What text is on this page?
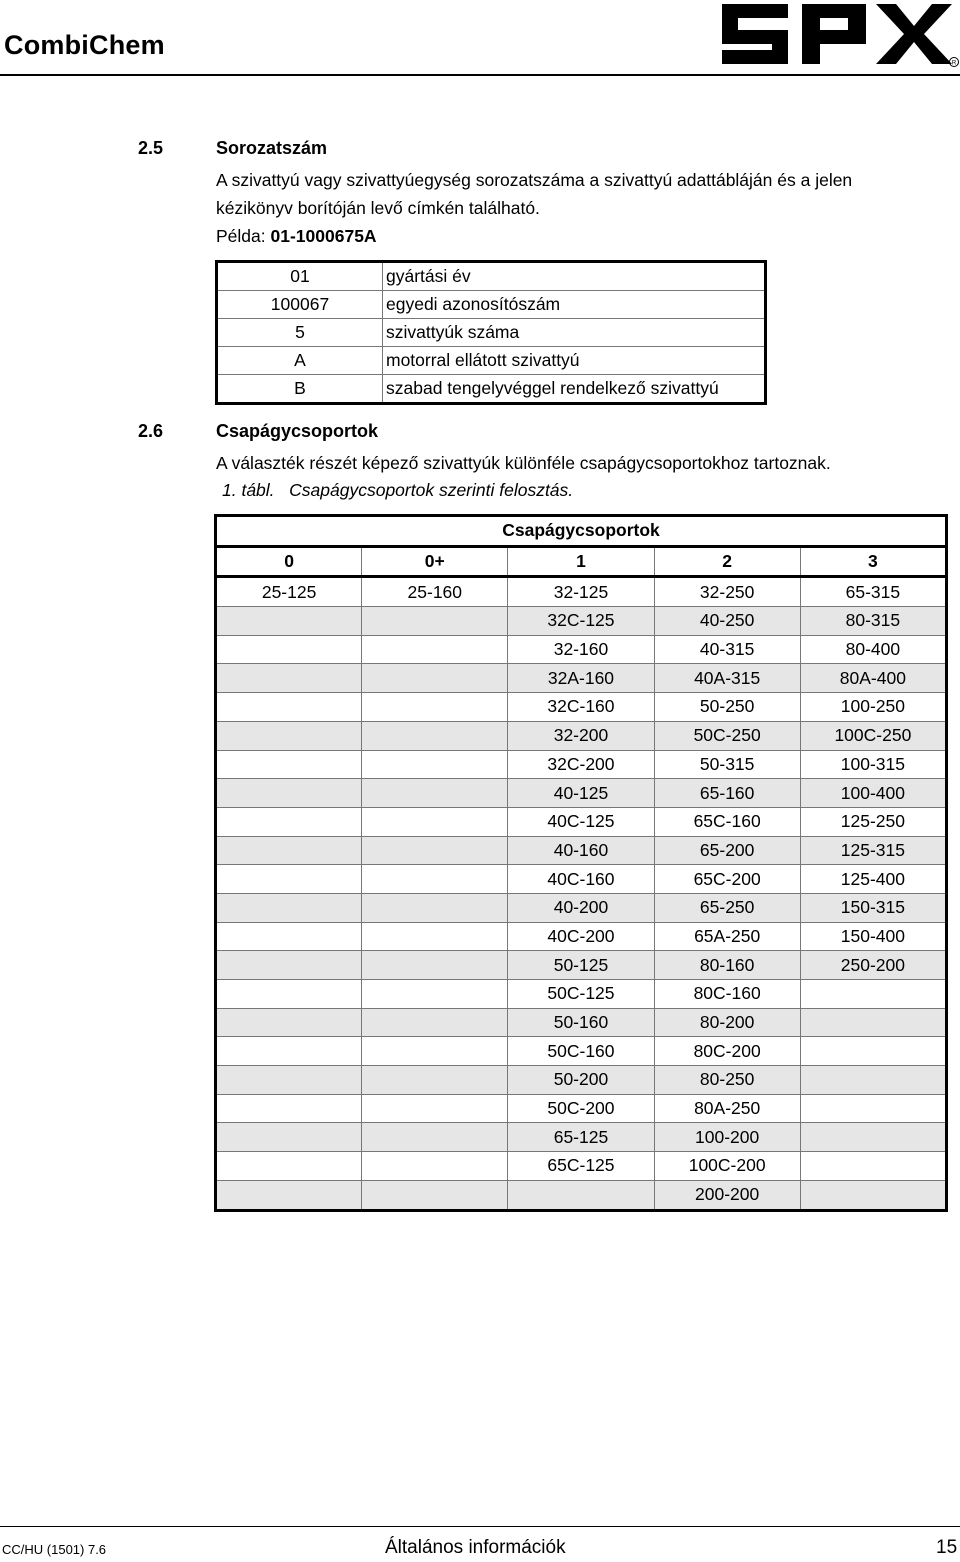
CombiChem
R
2.5	Sorozatszám
A szivattyú vagy szivattyúegység sorozatszáma a szivattyú adattábláján és a jelen
kézikönyv borítóján levő címkén található.
Példa: 01-1000675A
01	gyártási év
100067	egyedi azonosítószám
5	szivattyúk száma
A	motorral ellátott szivattyú
B	szabad tengelyvéggel rendelkező szivattyú
2.6	Csapágycsoportok
A választék részét képező szivattyúk különféle csapágycsoportokhoz tartoznak.
1. tábl. Csapágycsoportok szerinti felosztás.
Csapágycsoportok				
0	0+	1	2	3
25-125	25-160	32-125	32-250	65-315
		32C-125	40-250	80-315
		32-160	40-315	80-400
		32A-160	40A-315	80A-400
		32C-160	50-250	100-250
		32-200	50C-250	100C-250
		32C-200	50-315	100-315
		40-125	65-160	100-400
		40C-125	65C-160	125-250
		40-160	65-200	125-315
		40C-160	65C-200	125-400
		40-200	65-250	150-315
		40C-200	65A-250	150-400
		50-125	80-160	250-200
		50C-125	80C-160	
		50-160	80-200	
		50C-160	80C-200	
		50-200	80-250	
		50C-200	80A-250	
		65-125	100-200	
		65C-125	100C-200	
			200-200	
CC/HU (1501) 7.6	Általános információk	15
